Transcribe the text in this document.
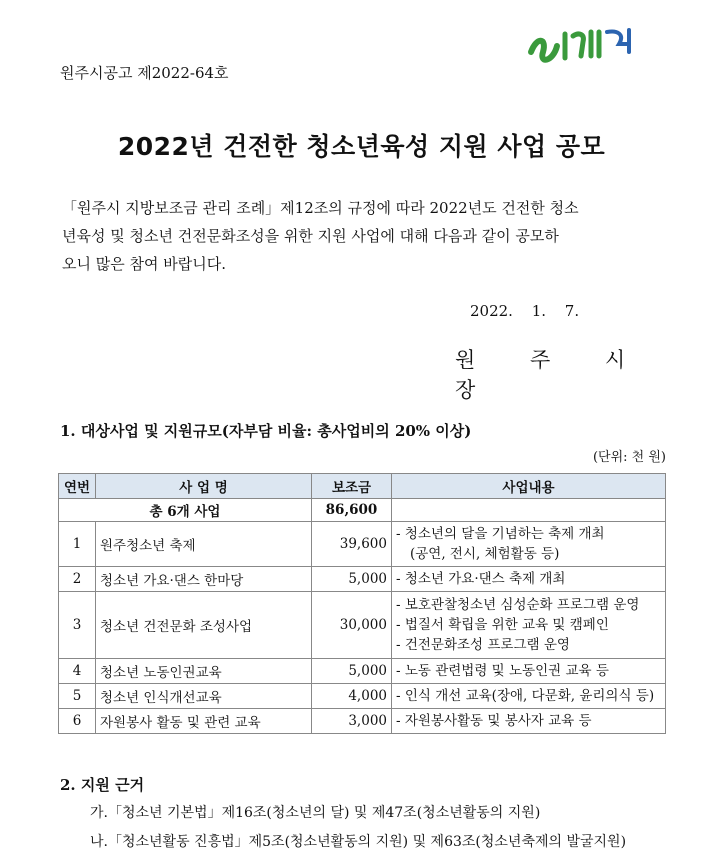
원주시공고 제2022-64호
2022년 건전한 청소년육성 지원 사업 공모
「원주시 지방보조금 관리 조례」제12조의 규정에 따라 2022년도 건전한 청소
년육성 및 청소년 건전문화조성을 위한 지원 사업에 대해 다음과 같이 공모하
오니 많은 참여 바랍니다.
2022. 1. 7.
원 주 시 장
1. 대상사업 및 지원규모(자부담 비율: 총사업비의 20% 이상)
(단위: 천 원)
연번	사 업 명	보조금	사업내용
총 6개 사업		86,600	
1	원주청소년 축제	39,600	- 청소년의 달을 기념하는 축제 개최
(공연, 전시, 체험활동 등)

2	청소년 가요·댄스 한마당	5,000	- 청소년 가요·댄스 축제 개최

3	청소년 건전문화 조성사업	30,000	- 보호관찰청소년 심성순화 프로그램 운영
- 법질서 확립을 위한 교육 및 캠페인
- 건전문화조성 프로그램 운영

4	청소년 노동인권교육	5,000	- 노동 관련법령 및 노동인권 교육 등

5	청소년 인식개선교육	4,000	- 인식 개선 교육(장애, 다문화, 윤리의식 등)

6	자원봉사 활동 및 관련 교육	3,000	- 자원봉사활동 및 봉사자 교육 등
2. 지원 근거
가.「청소년 기본법」제16조(청소년의 달) 및 제47조(청소년활동의 지원)
나.「청소년활동 진흥법」제5조(청소년활동의 지원) 및 제63조(청소년축제의 발굴지원)
